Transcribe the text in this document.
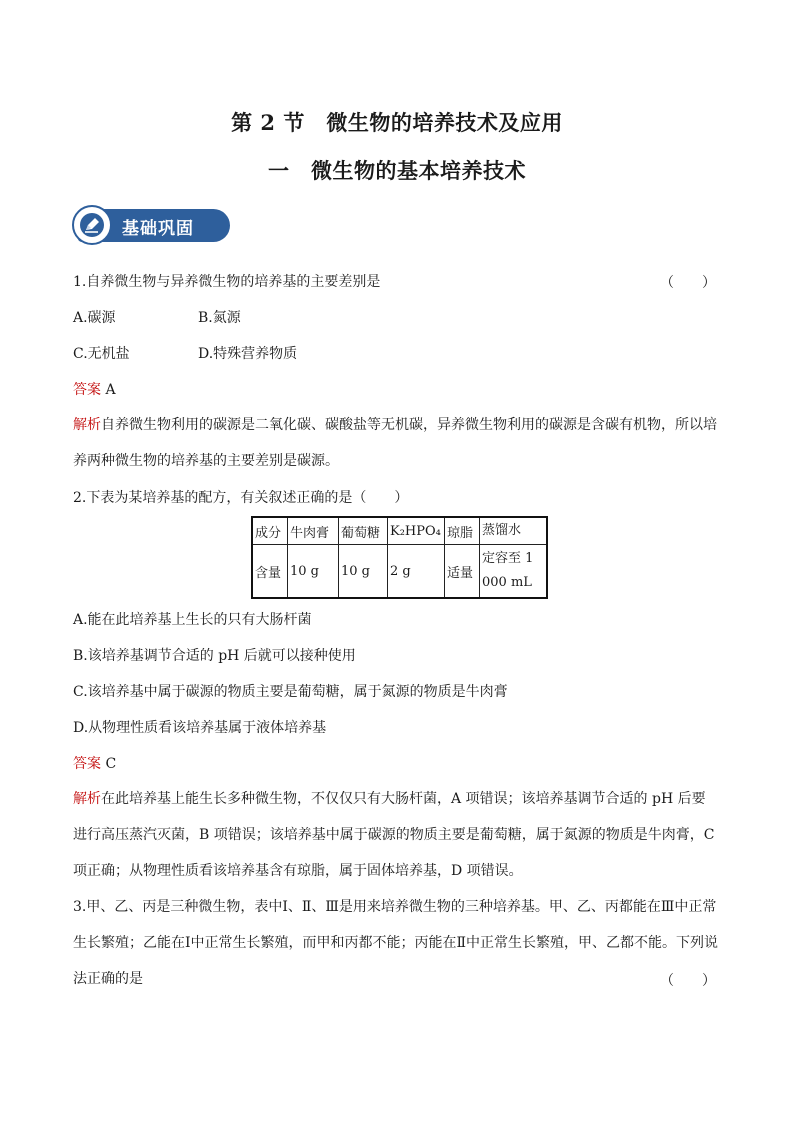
第 2 节　微生物的培养技术及应用
一　微生物的基本培养技术
基础巩固
1.自养微生物与异养微生物的培养基的主要差别是	（　　）
A.碳源	B.氮源
C.无机盐	D.特殊营养物质
答案 A
解析自养微生物利用的碳源是二氧化碳、碳酸盐等无机碳，异养微生物利用的碳源是含碳有机物，所以培养两种微生物的培养基的主要差别是碳源。
2.下表为某培养基的配方，有关叙述正确的是（　　）
成分	牛肉膏	葡萄糖	K₂HPO₄	琼脂	蒸馏水
含量	10 g	10 g	2 g	适量	定容至 1 000 mL
A.能在此培养基上生长的只有大肠杆菌
B.该培养基调节合适的 pH 后就可以接种使用
C.该培养基中属于碳源的物质主要是葡萄糖，属于氮源的物质是牛肉膏
D.从物理性质看该培养基属于液体培养基
答案 C
解析在此培养基上能生长多种微生物，不仅仅只有大肠杆菌，A 项错误；该培养基调节合适的 pH 后要进行高压蒸汽灭菌，B 项错误；该培养基中属于碳源的物质主要是葡萄糖，属于氮源的物质是牛肉膏，C 项正确；从物理性质看该培养基含有琼脂，属于固体培养基，D 项错误。
3.甲、乙、丙是三种微生物，表中Ⅰ、Ⅱ、Ⅲ是用来培养微生物的三种培养基。甲、乙、丙都能在Ⅲ中正常生长繁殖；乙能在Ⅰ中正常生长繁殖，而甲和丙都不能；丙能在Ⅱ中正常生长繁殖，甲、乙都不能。下列说法正确的是	（　　）
